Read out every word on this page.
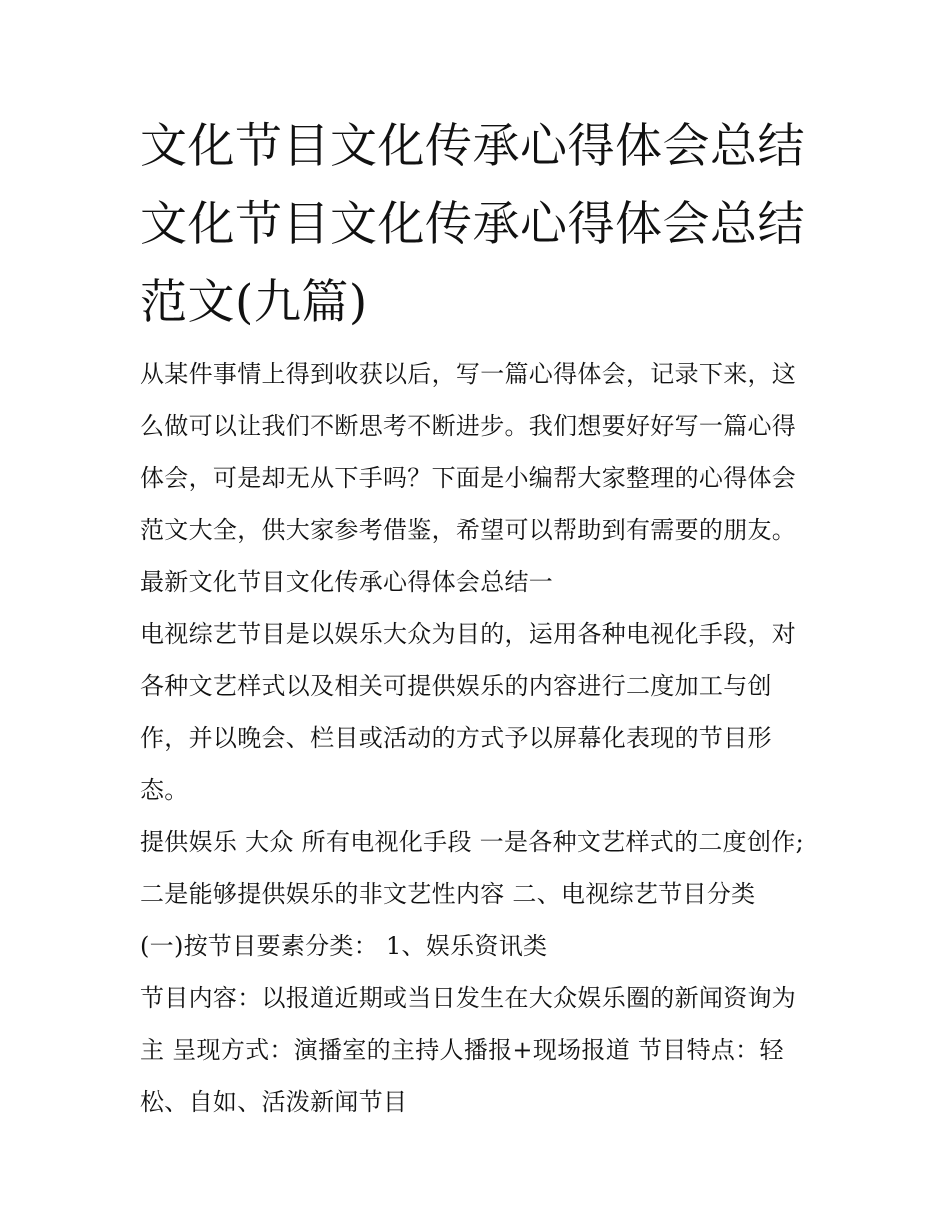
文化节目文化传承心得体会总结 文化节目文化传承心得体会总结范文(九篇)

从某件事情上得到收获以后，写一篇心得体会，记录下来，这么做可以让我们不断思考不断进步。我们想要好好写一篇心得体会，可是却无从下手吗？下面是小编帮大家整理的心得体会范文大全，供大家参考借鉴，希望可以帮助到有需要的朋友。

最新文化节目文化传承心得体会总结一

电视综艺节目是以娱乐大众为目的，运用各种电视化手段，对各种文艺样式以及相关可提供娱乐的内容进行二度加工与创作，并以晚会、栏目或活动的方式予以屏幕化表现的节目形态。

提供娱乐 大众 所有电视化手段 一是各种文艺样式的二度创作;二是能够提供娱乐的非文艺性内容 二、电视综艺节目分类

(一)按节目要素分类： 1、娱乐资讯类

节目内容：以报道近期或当日发生在大众娱乐圈的新闻资询为主 呈现方式：演播室的主持人播报+现场报道 节目特点：轻松、自如、活泼新闻节目
